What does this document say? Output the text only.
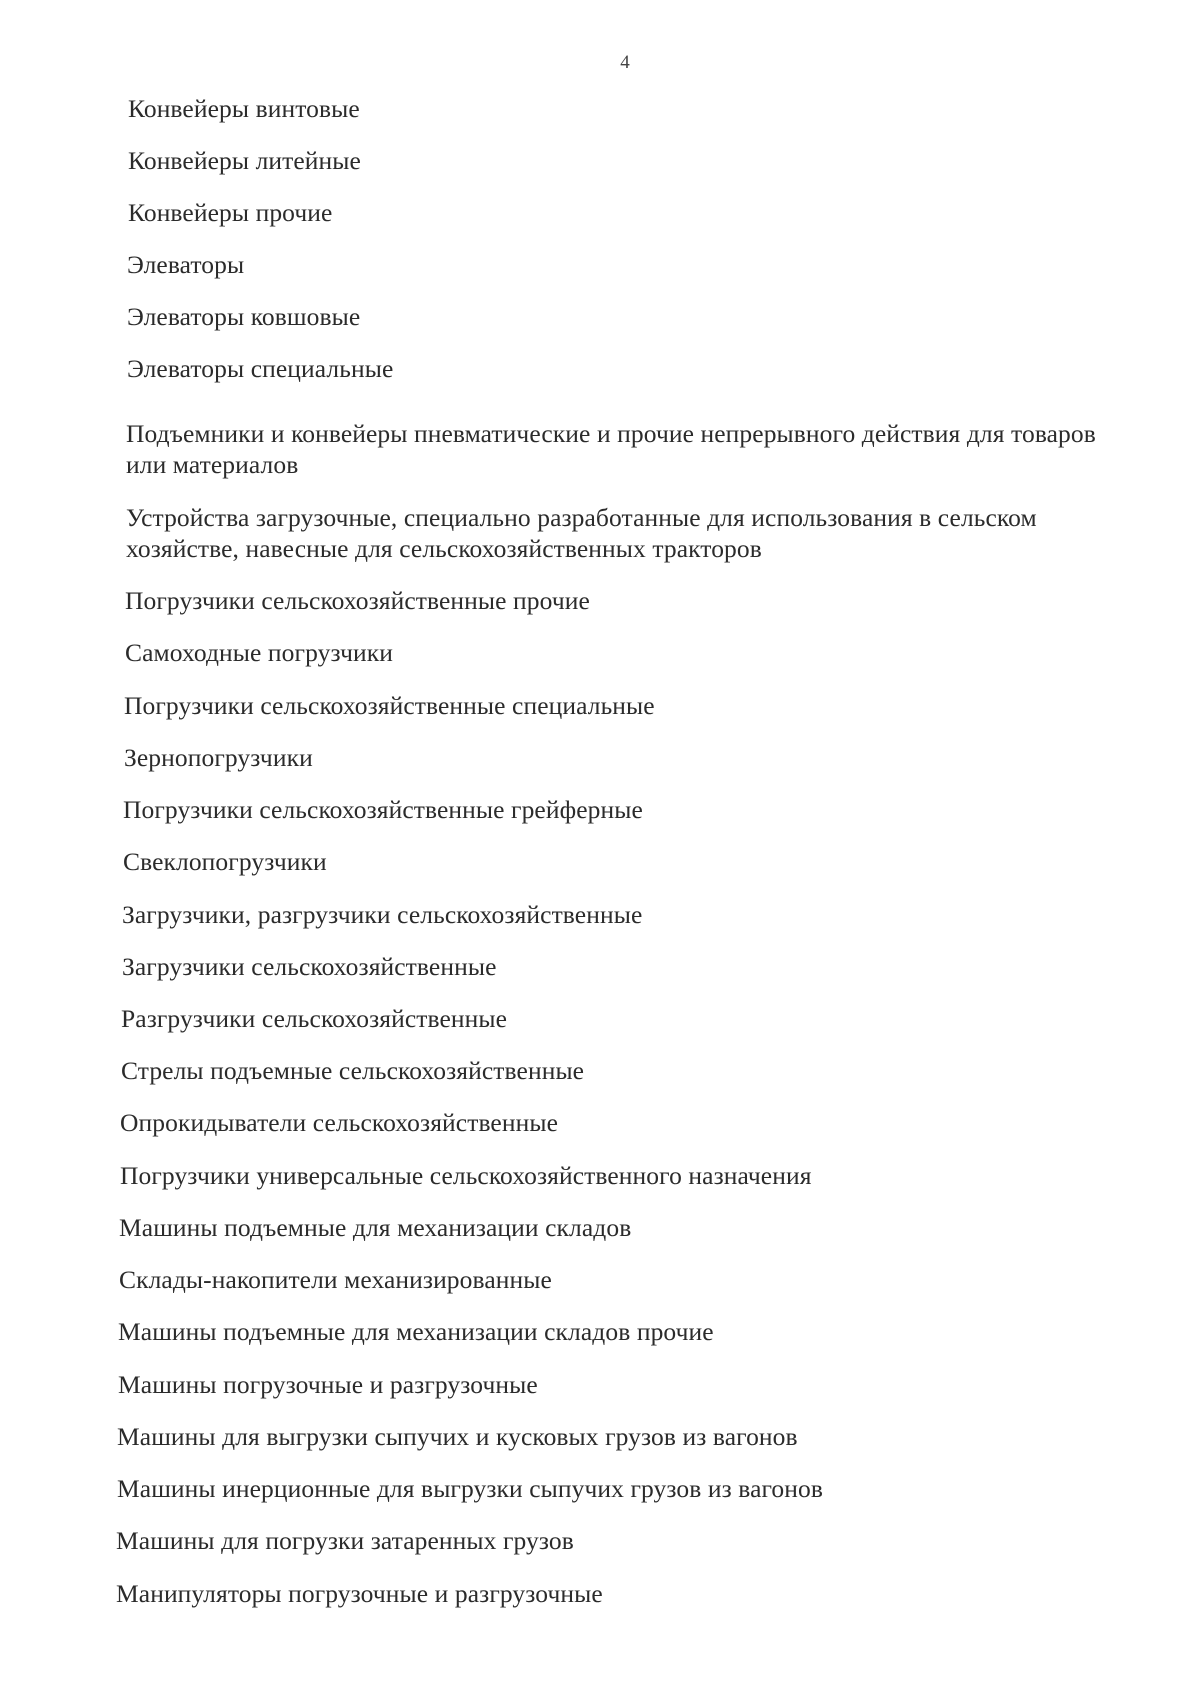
4
Конвейеры винтовые
Конвейеры литейные
Конвейеры прочие
Элеваторы
Элеваторы ковшовые
Элеваторы специальные
Подъемники и конвейеры пневматические и прочие непрерывного действия для товаров или материалов
Устройства загрузочные, специально разработанные для использования в сельском хозяйстве, навесные для сельскохозяйственных тракторов
Погрузчики сельскохозяйственные прочие
Самоходные погрузчики
Погрузчики сельскохозяйственные специальные
Зернопогрузчики
Погрузчики сельскохозяйственные грейферные
Свеклопогрузчики
Загрузчики, разгрузчики сельскохозяйственные
Загрузчики сельскохозяйственные
Разгрузчики сельскохозяйственные
Стрелы подъемные сельскохозяйственные
Опрокидыватели сельскохозяйственные
Погрузчики универсальные сельскохозяйственного назначения
Машины подъемные для механизации складов
Склады-накопители механизированные
Машины подъемные для механизации складов прочие
Машины погрузочные и разгрузочные
Машины для выгрузки сыпучих и кусковых грузов из вагонов
Машины инерционные для выгрузки сыпучих грузов из вагонов
Машины для погрузки затаренных грузов
Манипуляторы погрузочные и разгрузочные
